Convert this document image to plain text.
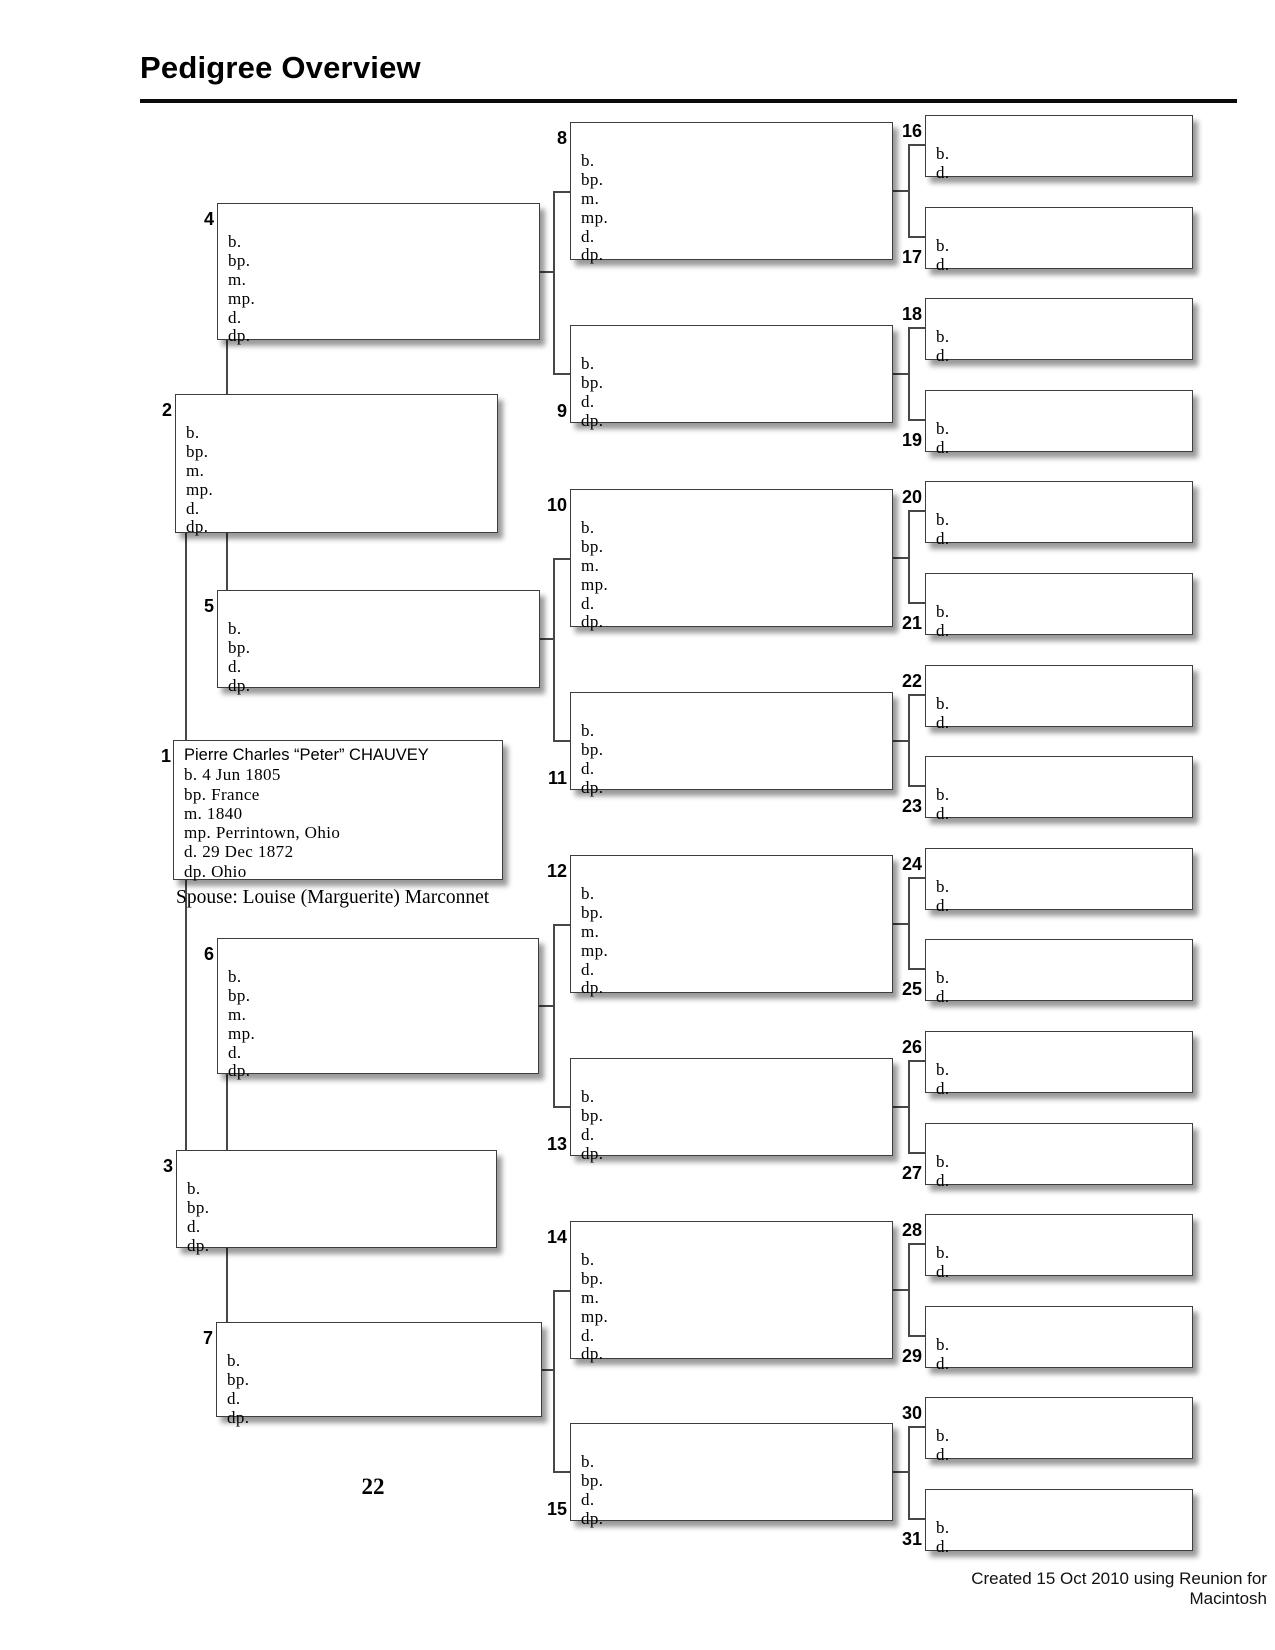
Pedigree Overview
Pierre Charles “Peter” CHAUVEY
b. 4 Jun 1805
bp. France
m. 1840
mp. Perrintown, Ohio
d. 29 Dec 1872
dp. Ohio
1

b.
bp.
m.
mp.
d.
dp.
2

b.
bp.
d.
dp.
3

b.
bp.
m.
mp.
d.
dp.
4

b.
bp.
d.
dp.
5

b.
bp.
m.
mp.
d.
dp.
6

b.
bp.
d.
dp.
7

b.
bp.
m.
mp.
d.
dp.
8

b.
bp.
d.
dp.
9

b.
bp.
m.
mp.
d.
dp.
10

b.
bp.
d.
dp.
11

b.
bp.
m.
mp.
d.
dp.
12

b.
bp.
d.
dp.
13

b.
bp.
m.
mp.
d.
dp.
14

b.
bp.
d.
dp.
15

b.
d.
16

b.
d.
17

b.
d.
18

b.
d.
19

b.
d.
20

b.
d.
21

b.
d.
22

b.
d.
23

b.
d.
24

b.
d.
25

b.
d.
26

b.
d.
27

b.
d.
28

b.
d.
29

b.
d.
30

b.
d.
31
Spouse: Louise (Marguerite) Marconnet
22
Created 15 Oct 2010 using Reunion for Macintosh
